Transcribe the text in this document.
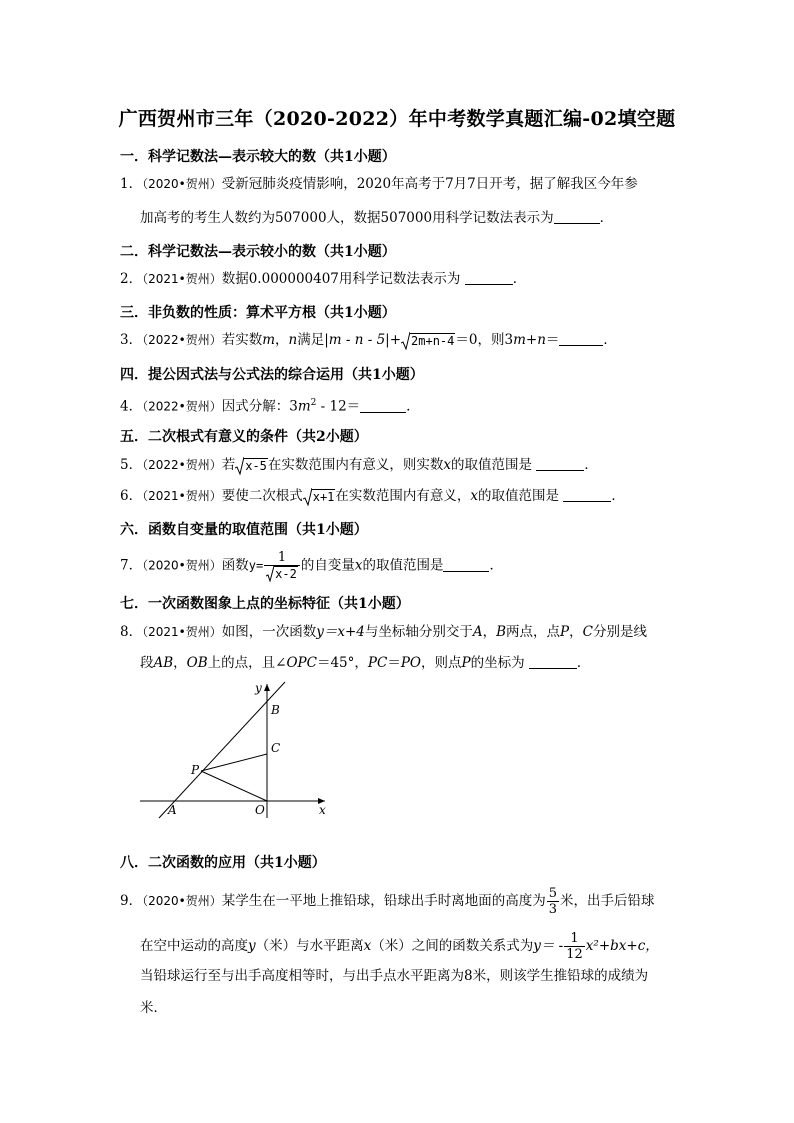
广西贺州市三年（2020-2022）年中考数学真题汇编-02填空题
一．科学记数法—表示较大的数（共1小题）
1．（2020•贺州）受新冠肺炎疫情影响，2020年高考于7月7日开考，据了解我区今年参
加高考的考生人数约为507000人，数据507000用科学记数法表示为	．
二．科学记数法—表示较小的数（共1小题）
2．（2021•贺州）数据0.000000407用科学记数法表示为	．
三．非负数的性质：算术平方根（共1小题）
3．（2022•贺州）若实数m，n满足|m - n - 5|+ 2m+n-4＝0，则3m+n＝	．
四．提公因式法与公式法的综合运用（共1小题）
4．（2022•贺州）因式分解：$3m^2 - 12=$	．
五．二次根式有意义的条件（共2小题）
5．（2022•贺州）若 x-5在实数范围内有意义，则实数x的取值范围是	．
6．（2021•贺州）要使二次根式 x+1在实数范围内有意义，x的取值范围是	．
六．函数自变量的取值范围（共1小题）
7．（2020•贺州）函数$y= \frac{1}{x-2}$ 的自变量x的取值范围是	．
七．一次函数图象上点的坐标特征（共1小题）
8．（2021•贺州）如图，一次函数y＝x+4与坐标轴分别交于A，B两点，点P，C分别是线
段AB，OB上的点，且∠OPC＝45°，PC＝PO，则点P的坐标为	．
y
x
B
C
P
A	O
八．二次函数的应用（共1小题）
9．（2020•贺州）某学生在一平地上推铅球，铅球出手时离地面的高度为 $\frac{5}{3}$ 米，出手后铅球
在空中运动的高度y（米）与水平距离x（米）之间的函数关系式为$y= - \frac{1}{12} x^2+bx+c$，
当铅球运行至与出手高度相等时，与出手点水平距离为8米，则该学生推铅球的成绩为
米．
